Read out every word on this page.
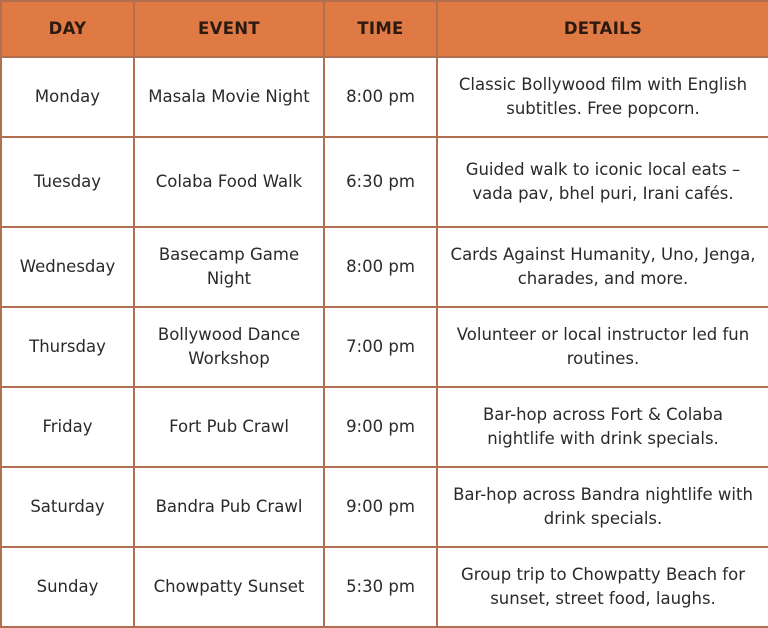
DAY	EVENT	TIME	DETAILS
Monday	Masala Movie Night	8:00 pm	Classic Bollywood film with English subtitles. Free popcorn.
Tuesday	Colaba Food Walk	6:30 pm	Guided walk to iconic local eats – vada pav, bhel puri, Irani cafés.
Wednesday	Basecamp Game Night	8:00 pm	Cards Against Humanity, Uno, Jenga, charades, and more.
Thursday	Bollywood Dance Workshop	7:00 pm	Volunteer or local instructor led fun routines.
Friday	Fort Pub Crawl	9:00 pm	Bar-hop across Fort & Colaba nightlife with drink specials.
Saturday	Bandra Pub Crawl	9:00 pm	Bar-hop across Bandra nightlife with drink specials.
Sunday	Chowpatty Sunset	5:30 pm	Group trip to Chowpatty Beach for sunset, street food, laughs.
